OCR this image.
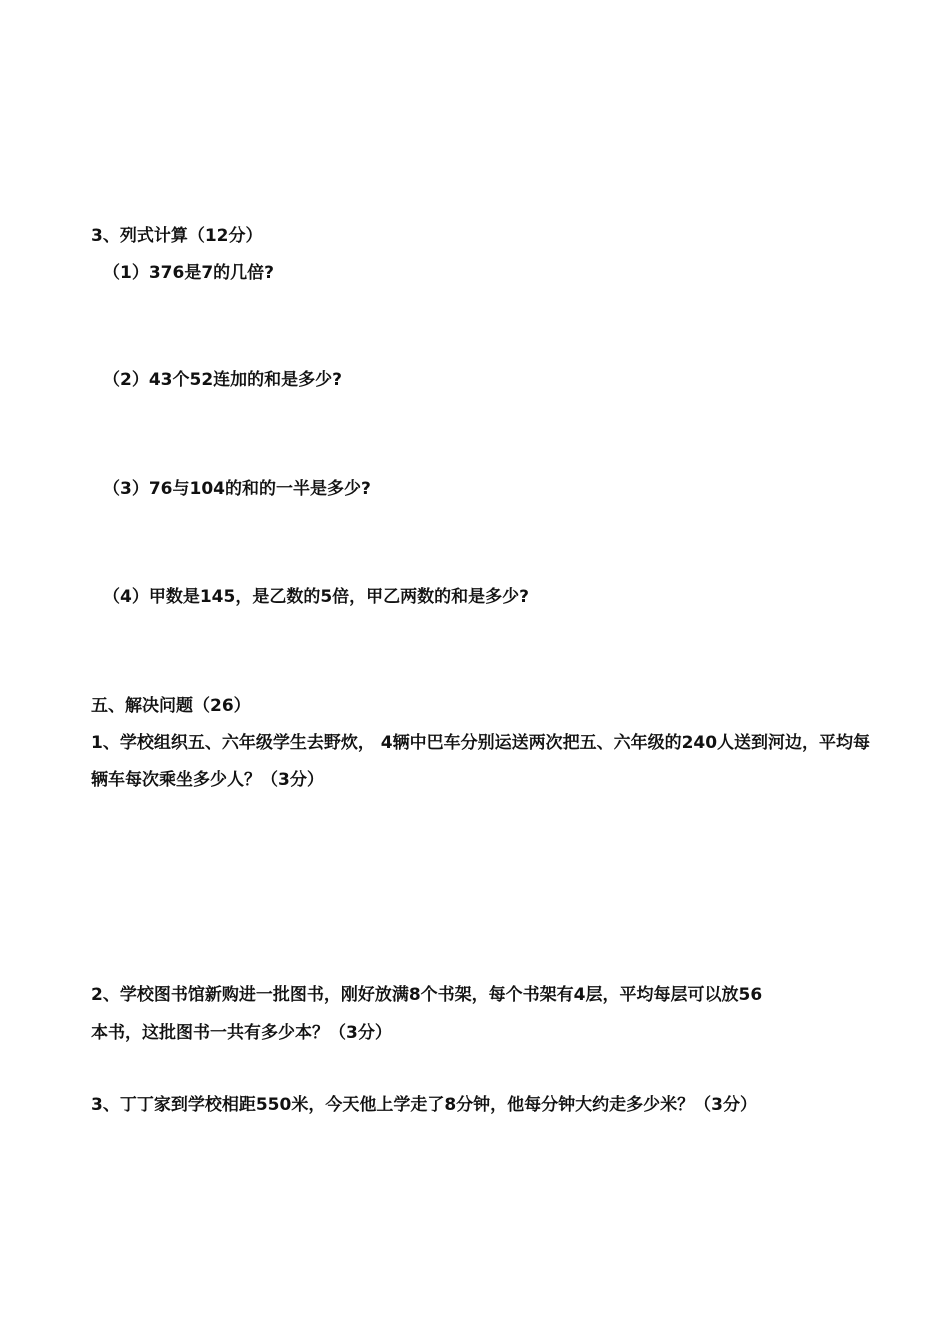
3、列式计算（12分）
（1）376是7的几倍?
（2）43个52连加的和是多少?
（3）76与104的和的一半是多少?
（4）甲数是145，是乙数的5倍，甲乙两数的和是多少?
五、解决问题（26）
1、学校组织五、六年级学生去野炊， 4辆中巴车分别运送两次把五、六年级的240人送到河边，平均每
辆车每次乘坐多少人？（3分）
2、学校图书馆新购进一批图书，刚好放满8个书架，每个书架有4层，平均每层可以放56
本书，这批图书一共有多少本？（3分）
3、丁丁家到学校相距550米，今天他上学走了8分钟，他每分钟大约走多少米？（3分）
